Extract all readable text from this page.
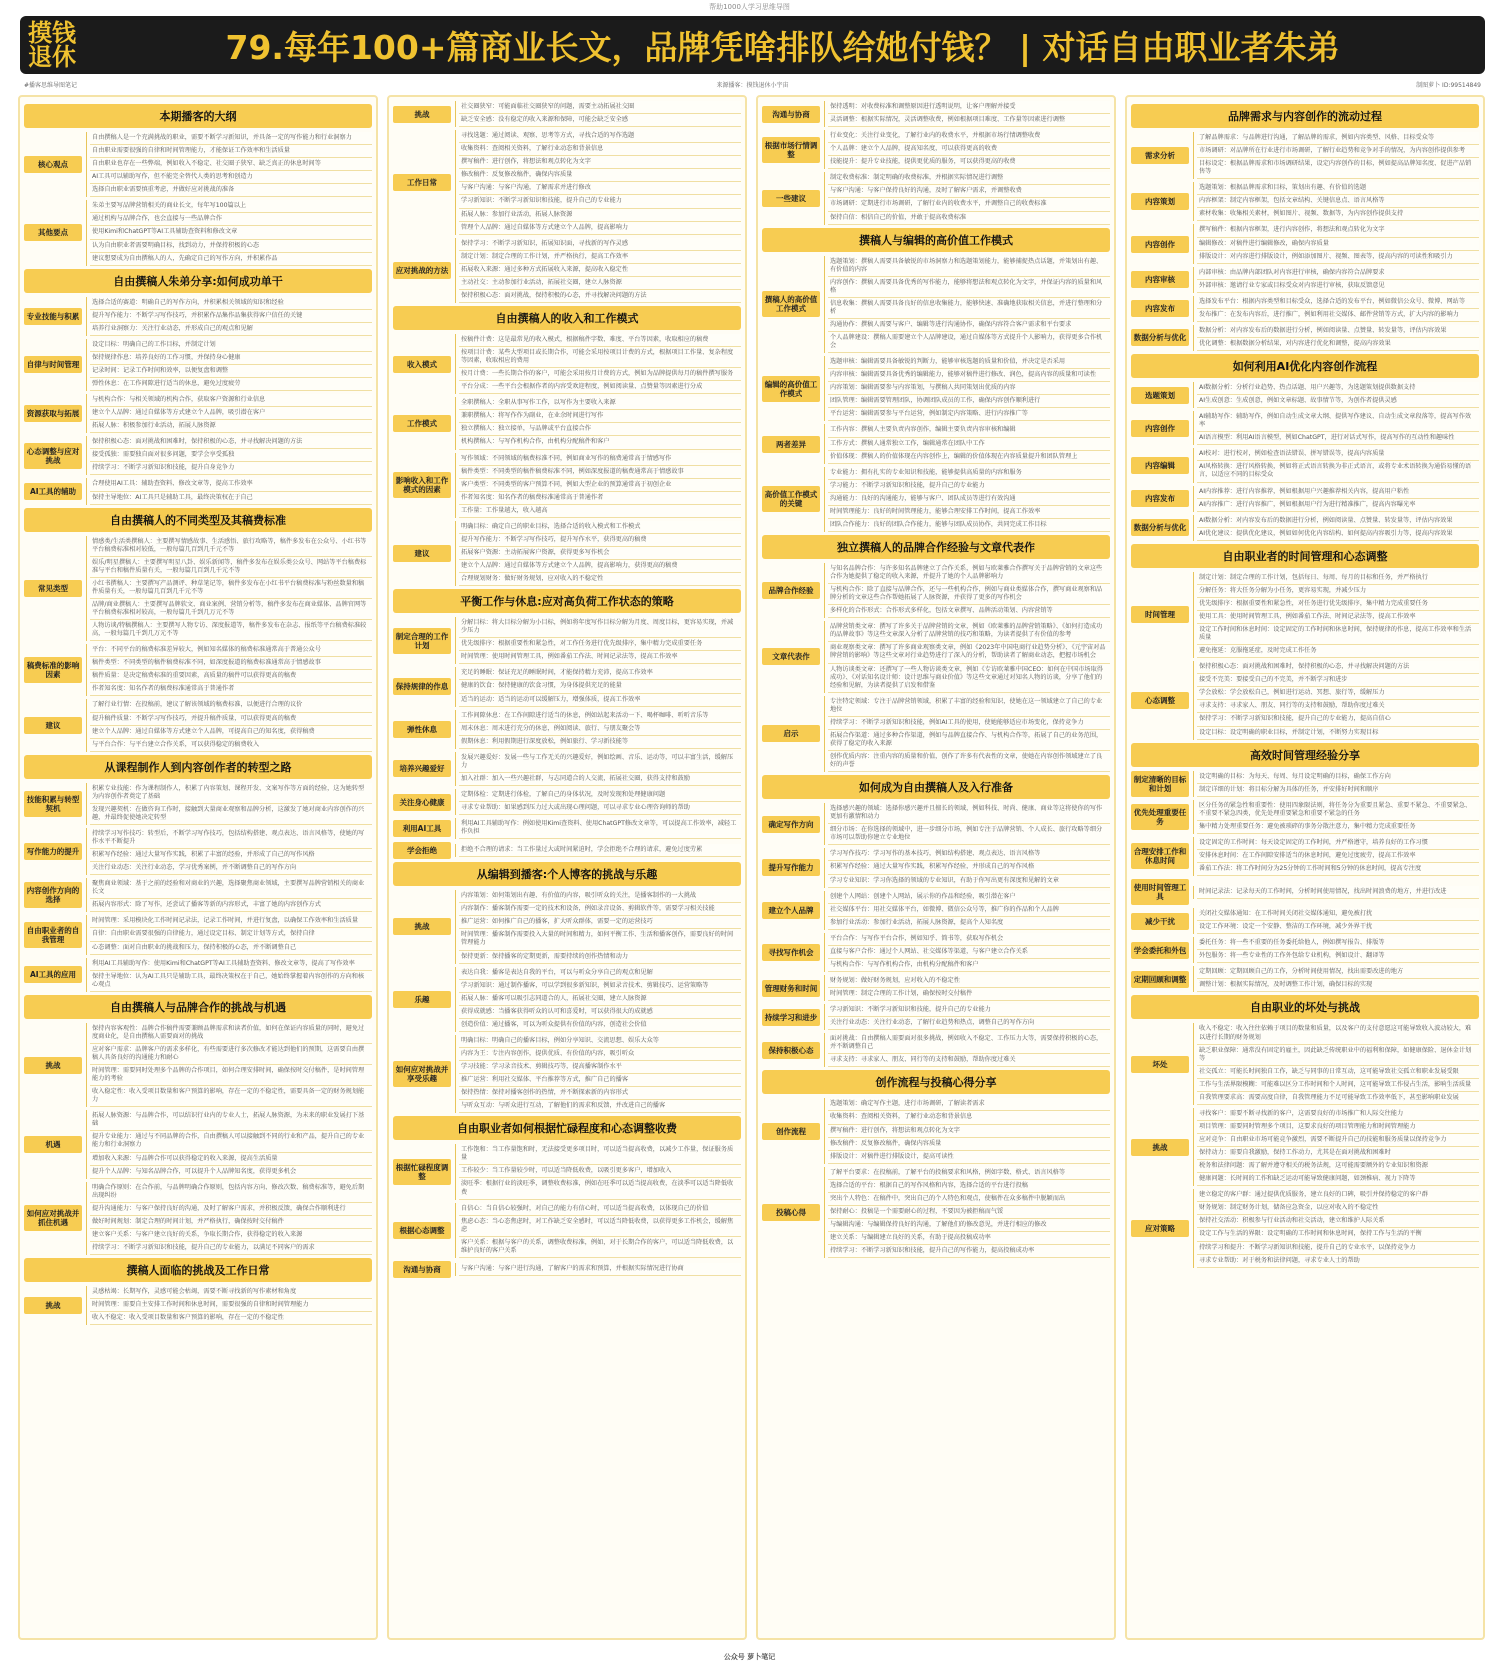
帮助1000人学习思维导图
摸 钱
退 休	79.每年100+篇商业长文，品牌凭啥排队给她付钱？ | 对话自由职业者朱弟
#播客思维导图笔记	来源播客：摸钱退休小宇宙	制图萝卜 ID:99514849
本期播客的大纲
核心观点
自由撰稿人是一个充满挑战的职业，需要不断学习新知识，并具备一定的写作能力和行业洞察力
自由职业需要很强的自律和时间管理能力，才能保证工作效率和生活质量
自由职业也存在一些弊端，例如收入不稳定、社交圈子狭窄、缺乏真正的休息时间等
AI工具可以辅助写作，但不能完全替代人类的思考和创造力
选择自由职业需要慎重考虑，并做好应对挑战的准备
其他要点
朱弟主要写品牌营销相关的商业长文，每年写100篇以上
通过机构与品牌合作，也会直接与一些品牌合作
使用Kimi和ChatGPT等AI工具辅助查资料和修改文章
认为自由职业者需要明确目标，找到动力，并保持积极的心态
建议想要成为自由撰稿人的人，先确定自己的写作方向，并积累作品
自由撰稿人朱弟分享:如何成功单干
专业技能与积累
选择合适的赛道：明确自己的写作方向，并积累相关领域的知识和经验
提升写作能力：不断学习写作技巧，并积累作品集作品集获得客户信任的关键
培养行业洞察力：关注行业动态，并形成自己的观点和见解
自律与时间管理
设定目标：明确自己的工作目标，并制定计划
保持规律作息：培养良好的工作习惯，并保持身心健康
记录时间：记录工作时间和效率，以便复盘和调整
弹性休息：在工作间隙进行适当的休息，避免过度疲劳
资源获取与拓展
与机构合作：与相关领域的机构合作，获取客户资源和行业信息
建立个人品牌：通过自媒体等方式建立个人品牌，吸引潜在客户
拓展人脉：积极参加行业活动，拓展人脉资源
心态调整与应对挑战
保持积极心态：面对挑战和困难时，保持积极的心态，并寻找解决问题的方法
接受孤独：需要独自面对很多问题，要学会享受孤独
持续学习：不断学习新知识和技能，提升自身竞争力
AI工具的辅助
合理使用AI工具：辅助查资料、修改文章等，提高工作效率
保持主导地位：AI工具只是辅助工具，最终决策权在于自己
自由撰稿人的不同类型及其稿费标准
常见类型
情感类/生活类撰稿人：主要撰写情感故事、生活感悟、旅行攻略等，稿件多发布在公众号、小红书等平台稿费标准相对较低，一般每篇几百到几千元不等
娱乐/明星撰稿人：主要撰写明星八卦、娱乐新闻等，稿件多发布在娱乐类公众号、网站等平台稿费标准与平台和稿件质量有关，一般每篇几百到几千元不等
小红书撰稿人：主要撰写产品测评、种草笔记等，稿件多发布在小红书平台稿费标准与粉丝数量和稿件质量有关，一般每篇几百到几千元不等
品牌/商业撰稿人：主要撰写品牌软文、商业案例、营销分析等，稿件多发布在商业媒体、品牌官网等平台稿费标准相对较高，一般每篇几千到几万元不等
人物访谈/特稿撰稿人：主要撰写人物专访、深度报道等，稿件多发布在杂志、报纸等平台稿费标准较高，一般每篇几千到几万元不等
稿费标准的影响因素
平台：不同平台的稿费标准差异较大，例如知名媒体的稿费标准通常高于普通公众号
稿件类型：不同类型的稿件稿费标准不同，如深度报道的稿费标准通常高于情感故事
稿件质量：是决定稿费标准的重要因素，高质量的稿件可以获得更高的稿费
作者知名度：知名作者的稿费标准通常高于普通作者
建议
了解行业行情：在投稿前，建议了解该领域的稿费标准，以便进行合理的议价
提升稿件质量：不断学习写作技巧，并提升稿件质量，可以获得更高的稿费
建立个人品牌：通过自媒体等方式建立个人品牌，可提高自己的知名度，获得稿费
与平台合作：与平台建立合作关系，可以获得稳定的稿费收入
从课程制作人到内容创作者的转型之路
技能积累与转型契机
积累专业技能：作为课程制作人，积累了内容策划、课程开发、文案写作等方面的经验，这为她转型为内容创作者奠定了基础
发现兴趣契机：在做咨询工作时，接触到大量商业观察和品牌分析，这激发了她对商业内容创作的兴趣，并最终促使她决定转型
写作能力的提升
持续学习写作技巧：转型后，不断学习写作技巧，包括结构搭建、观点表达、语言风格等，使她的写作水平不断提升
积累写作经验：通过大量写作实践，积累了丰富的经验，并形成了自己的写作风格
关注行业动态：关注行业动态，学习优秀案例，并不断调整自己的写作方向
内容创作方向的选择
聚焦商业领域：基于之前的经验和对商业的兴趣，选择聚焦商业领域，主要撰写品牌营销相关的商业长文
拓展内容形式：除了写作，还尝试了播客等新的内容形式，丰富了她的内容创作方式
自由职业者的自我管理
时间管理：采用模块化工作时间记录法，记录工作时间，并进行复盘，以确保工作效率和生活质量
自律：自由职业需要很强的自律能力，通过设定目标、制定计划等方式，保持自律
心态调整：面对自由职业的挑战和压力，保持积极的心态，并不断调整自己
AI工具的应用
利用AI工具辅助写作：使用Kimi和ChatGPT等AI工具辅助查资料、修改文章等，提高了写作效率
保持主导地位：认为AI工具只是辅助工具，最终决策权在于自己，她始终掌握着内容创作的方向和核心观点
自由撰稿人与品牌合作的挑战与机遇
挑战
保持内容客观性：品牌合作稿件需要兼顾品牌需求和读者价值，如何在保证内容质量的同时，避免过度商业化，是自由撰稿人需要面对的挑战
应对客户需求：品牌客户的需求多样化，有些需要进行多次修改才能达到他们的预期，这需要自由撰稿人具备良好的沟通能力和耐心
时间管理：需要同时处理多个品牌的合作项目，如何合理安排时间，确保按时交付稿件，是时间管理能力的考验
收入稳定性：收入受项目数量和客户预算的影响，存在一定的不稳定性，需要具备一定的财务规划能力
机遇
拓展人脉资源：与品牌合作，可以结识行业内的专业人士，拓展人脉资源，为未来的职业发展打下基础
提升专业能力：通过与不同品牌的合作，自由撰稿人可以接触到不同的行业和产品，提升自己的专业能力和行业洞察力
增加收入来源：与品牌合作可以获得稳定的收入来源，提高生活质量
提升个人品牌：与知名品牌合作，可以提升个人品牌知名度，获得更多机会
如何应对挑战并抓住机遇
明确合作原则：在合作前，与品牌明确合作原则，包括内容方向、修改次数、稿费标准等，避免后期出现纠纷
提升沟通能力：与客户保持良好的沟通，及时了解客户需求，并积极反馈，确保合作顺利进行
做好时间规划：制定合理的时间计划，并严格执行，确保按时交付稿件
建立客户关系：与客户建立良好的关系，争取长期合作，获得稳定的收入来源
持续学习：不断学习新知识和技能，提升自己的专业能力，以满足不同客户的需求
撰稿人面临的挑战及工作日常
挑战
灵感枯竭：长期写作，灵感可能会枯竭，需要不断寻找新的写作素材和角度
时间管理：需要自主安排工作时间和休息时间，需要很强的自律和时间管理能力
收入不稳定：收入受项目数量和客户预算的影响，存在一定的不稳定性
挑战
社交圈狭窄：可能面临社交圈狭窄的问题，需要主动拓展社交圈
缺乏安全感：没有稳定的收入来源和保障，可能会缺乏安全感
工作日常
寻找选题：通过阅读、观察、思考等方式，寻找合适的写作选题
收集资料：查阅相关资料，了解行业动态和背景信息
撰写稿件：进行创作，将想法和观点转化为文字
修改稿件：反复修改稿件，确保内容质量
与客户沟通：与客户沟通，了解需求并进行修改
学习新知识：不断学习新知识和技能，提升自己的专业能力
拓展人脉：参加行业活动，拓展人脉资源
管理个人品牌：通过自媒体等方式建立个人品牌，提高影响力
应对挑战的方法
保持学习：不断学习新知识，拓展知识面，寻找新的写作灵感
制定计划：制定合理的工作计划，并严格执行，提高工作效率
拓展收入来源：通过多种方式拓展收入来源，提高收入稳定性
主动社交：主动参加行业活动，拓展社交圈，建立人脉资源
保持积极心态：面对挑战，保持积极的心态，并寻找解决问题的方法
自由撰稿人的收入和工作模式
收入模式
按稿件计费：这是最常见的收入模式，根据稿件字数、难度、平台等因素，收取相应的稿费
按项目计费：某些大型项目或长期合作，可能会采用按项目计费的方式，根据项目工作量、复杂程度等因素，收取相应的费用
按月计费：一些长期合作的客户，可能会采用按月计费的方式，例如为品牌提供每月的稿件撰写服务
平台分成：一些平台会根据作者的内容受欢迎程度，例如阅读量、点赞量等因素进行分成
工作模式
全职撰稿人：全职从事写作工作，以写作为主要收入来源
兼职撰稿人：将写作作为副业，在业余时间进行写作
独立撰稿人：独立接单，与品牌或平台直接合作
机构撰稿人：与写作机构合作，由机构分配稿件和客户
影响收入和工作模式的因素
写作领域：不同领域的稿费标准不同，例如商业写作的稿费通常高于情感写作
稿件类型：不同类型的稿件稿费标准不同，例如深度报道的稿费通常高于情感故事
客户类型：不同类型的客户预算不同，例如大型企业的预算通常高于初创企业
作者知名度：知名作者的稿费标准通常高于普通作者
工作量：工作量越大，收入越高
建议
明确目标：确定自己的职业目标，选择合适的收入模式和工作模式
提升写作能力：不断学习写作技巧，提升写作水平，获得更高的稿费
拓展客户资源：主动拓展客户资源，获得更多写作机会
建立个人品牌：通过自媒体等方式建立个人品牌，提高影响力，获得更高的稿费
合理规划财务：做好财务规划，应对收入的不稳定性
平衡工作与休息:应对高负荷工作状态的策略
制定合理的工作计划
分解目标：将大目标分解为小目标，例如将年度写作目标分解为月度、周度目标，更容易实现，并减少压力
优先级排序：根据重要性和紧急性，对工作任务进行优先级排序，集中精力完成重要任务
时间管理：使用时间管理工具，例如番茄工作法、时间记录法等，提高工作效率
保持规律的作息
充足的睡眠：保证充足的睡眠时间，才能保持精力充沛，提高工作效率
健康的饮食：保持健康的饮食习惯，为身体提供充足的能量
适当的运动：适当的运动可以缓解压力，增强体质，提高工作效率
弹性休息
工作间隙休息：在工作间隙进行适当的休息，例如站起来活动一下、喝杯咖啡、听听音乐等
周末休息：周末进行充分的休息，例如阅读、旅行、与朋友聚会等
假期休息：利用假期进行深度放松，例如旅行、学习新技能等
培养兴趣爱好
发展兴趣爱好：发展一些与工作无关的兴趣爱好，例如绘画、音乐、运动等，可以丰富生活，缓解压力
加入社群：加入一些兴趣社群，与志同道合的人交流，拓展社交圈，获得支持和鼓励
关注身心健康
定期体检：定期进行体检，了解自己的身体状况，及时发现和处理健康问题
寻求专业帮助：如果感到压力过大或出现心理问题，可以寻求专业心理咨询师的帮助
利用AI工具
利用AI工具辅助写作：例如使用Kimi查资料、使用ChatGPT修改文章等，可以提高工作效率，减轻工作负担
学会拒绝	拒绝不合理的请求：当工作量过大或时间紧迫时，学会拒绝不合理的请求，避免过度劳累
从编辑到播客:个人博客的挑战与乐趣
挑战
内容策划：如何策划出有趣、有价值的内容，吸引听众的关注，是播客制作的一大挑战
内容制作：播客制作需要一定的技术和设备，例如录音设备、剪辑软件等，需要学习相关技能
推广运营：如何推广自己的播客，扩大听众群体，需要一定的运营技巧
时间管理：播客制作需要投入大量的时间和精力，如何平衡工作、生活和播客创作，需要良好的时间管理能力
保持更新：保持播客的定期更新，需要持续的创作热情和动力
乐趣
表达自我：播客是表达自我的平台，可以与听众分享自己的观点和见解
学习新知识：通过制作播客，可以学到很多新知识，例如录音技术、剪辑技巧、运营策略等
拓展人脉：播客可以吸引志同道合的人，拓展社交圈，建立人脉资源
获得成就感：当播客获得听众的认可和喜爱时，可以获得很大的成就感
创造价值：通过播客，可以为听众提供有价值的内容，创造社会价值
如何应对挑战并享受乐趣
明确目标：明确自己的播客目标，例如分享知识、交流思想、娱乐大众等
内容为王：专注内容创作，提供优质、有价值的内容，吸引听众
学习技能：学习录音技术、剪辑技巧等，提高播客制作水平
推广运营：利用社交媒体、平台推荐等方式，推广自己的播客
保持热情：保持对播客创作的热情，并不断探索新的内容形式
与听众互动：与听众进行互动，了解他们的需求和反馈，并改进自己的播客
自由职业者如何根据忙碌程度和心态调整收费
根据忙碌程度调整
工作饱和：当工作量饱和时，无法接受更多项目时，可以适当提高收费，以减少工作量，保证服务质量
工作较少：当工作量较少时，可以适当降低收费，以吸引更多客户，增加收入
淡旺季：根据行业的淡旺季，调整收费标准，例如在旺季可以适当提高收费，在淡季可以适当降低收费
根据心态调整
自信心：当自信心较强时，对自己的能力有信心时，可以适当提高收费，以体现自己的价值
焦虑心态：当心态焦虑时，对工作缺乏安全感时，可以适当降低收费，以获得更多工作机会，缓解焦虑
客户关系：根据与客户的关系，调整收费标准，例如，对于长期合作的客户，可以适当降低收费，以维护良好的客户关系
沟通与协商	与客户沟通：与客户进行沟通，了解客户的需求和预算，并根据实际情况进行协商
沟通与协商
保持透明：对收费标准和调整原因进行透明说明，让客户理解并接受
灵活调整：根据实际情况，灵活调整收费，例如根据项目难度、工作量等因素进行调整
根据市场行情调整
行业变化：关注行业变化，了解行业内的收费水平，并根据市场行情调整收费
个人品牌：建立个人品牌，提高知名度，可以获得更高的收费
技能提升：提升专业技能，提供更优质的服务，可以获得更高的收费
一些建议
制定收费标准：制定明确的收费标准，并根据实际情况进行调整
与客户沟通：与客户保持良好的沟通，及时了解客户需求，并调整收费
市场调研：定期进行市场调研，了解行业内的收费水平，并调整自己的收费标准
保持自信：相信自己的价值，并敢于提高收费标准
撰稿人与编辑的高价值工作模式
撰稿人的高价值工作模式
选题策划：撰稿人需要具备敏锐的市场洞察力和选题策划能力，能够捕捉热点话题，并策划出有趣、有价值的内容
内容创作：撰稿人需要具备优秀的写作能力，能够将想法和观点转化为文字，并保证内容的质量和风格
信息收集：撰稿人需要具备良好的信息收集能力，能够快速、准确地获取相关信息，并进行整理和分析
沟通协作：撰稿人需要与客户、编辑等进行沟通协作，确保内容符合客户需求和平台要求
个人品牌建设：撰稿人需要建立个人品牌建设，通过自媒体等方式提升个人影响力，获得更多合作机会
编辑的高价值工作模式
选题审核：编辑需要具备敏锐的判断力，能够审核选题的质量和价值，并决定是否采用
内容审核：编辑需要具备优秀的编辑能力，能够对稿件进行修改、润色，提高内容的质量和可读性
内容策划：编辑需要参与内容策划，与撰稿人共同策划出优质的内容
团队管理：编辑需要管理团队，协调团队成员的工作，确保内容创作顺利进行
平台运营：编辑需要参与平台运营，例如制定内容策略、进行内容推广等
两者差异
工作内容：撰稿人主要负责内容创作，编辑主要负责内容审核和编辑
工作方式：撰稿人通常独立工作，编辑通常在团队中工作
价值体现：撰稿人的价值体现在内容创作上，编辑的价值体现在内容质量提升和团队管理上
高价值工作模式的关键
专业能力：拥有扎实的专业知识和技能，能够提供高质量的内容和服务
学习能力：不断学习新知识和技能，提升自己的专业能力
沟通能力：良好的沟通能力，能够与客户、团队成员等进行有效沟通
时间管理能力：良好的时间管理能力，能够合理安排工作时间，提高工作效率
团队合作能力：良好的团队合作能力，能够与团队成员协作，共同完成工作目标
独立撰稿人的品牌合作经验与文章代表作
品牌合作经验
与知名品牌合作：与许多知名品牌建立了合作关系，例如与欧莱雅合作撰写关于品牌营销的文章这些合作为她提供了稳定的收入来源，并提升了她的个人品牌影响力
与机构合作：除了直接与品牌合作，还与一些机构合作，例如与商业类媒体合作，撰写商业观察和品牌分析的文章这些合作帮她拓展了人脉资源，并获得了更多的写作机会
多样化的合作形式：合作形式多样化，包括文章撰写、品牌活动策划、内容营销等
文章代表作
品牌营销类文章：撰写了许多关于品牌营销的文章，例如《欧莱雅的品牌营销策略》、《如何打造成功的品牌故事》等这些文章深入分析了品牌营销的技巧和策略，为读者提供了有价值的参考
商业观察类文章：撰写了许多商业观察类文章，例如《2023年中国电商行业趋势分析》、《元宇宙对品牌营销的影响》等这些文章对行业趋势进行了深入的分析，帮助读者了解商业动态，把握市场机会
人物访谈类文章：还撰写了一些人物访谈类文章，例如《专访欧莱雅中国CEO：如何在中国市场取得成功》、《对话知名设计师：设计思维与商业价值》等这些文章通过对知名人物的访谈，分享了他们的经验和见解，为读者提供了启发和借鉴
启示
专注特定领域：专注于品牌营销领域，积累了丰富的经验和知识，使她在这一领域建立了自己的专业地位
持续学习：不断学习新知识和技能，例如AI工具的使用，使她能够适应市场变化，保持竞争力
拓展合作渠道：通过多种合作渠道，例如与品牌直接合作、与机构合作等，拓展了自己的业务范围，获得了稳定的收入来源
创作优质内容：注重内容的质量和价值，创作了许多有代表性的文章，使她在内容创作领域建立了良好的声誉
如何成为自由撰稿人及入行准备
确定写作方向
选择感兴趣的领域：选择你感兴趣并且擅长的领域，例如科技、时尚、健康、商业等这将使你的写作更加有激情和动力
细分市场：在你选择的领域中，进一步细分市场，例如专注于品牌营销、个人成长、旅行攻略等细分市场可以帮助你建立专业地位
提升写作能力
学习写作技巧：学习写作的基本技巧，例如结构搭建、观点表达、语言风格等
积累写作经验：通过大量写作实践，积累写作经验，并形成自己的写作风格
学习专业知识：学习你选择的领域的专业知识，有助于你写出更有深度和见解的文章
建立个人品牌
创建个人网站：创建个人网站，展示你的作品和经验，吸引潜在客户
社交媒体平台：用社交媒体平台，如微博、微信公众号等，推广你的作品和个人品牌
参加行业活动：参加行业活动，拓展人脉资源，提高个人知名度
寻找写作机会
平台合作：与写作平台合作，例如知乎、简书等，获取写作机会
直接与客户合作：通过个人网站、社交媒体等渠道，与客户建立合作关系
与机构合作：与写作机构合作，由机构分配稿件和客户
管理财务和时间
财务规划：做好财务规划，应对收入的不稳定性
时间管理：制定合理的工作计划，确保按时交付稿件
持续学习和进步
学习新知识：不断学习新知识和技能，提升自己的专业能力
关注行业动态：关注行业动态，了解行业趋势和热点，调整自己的写作方向
保持积极心态
面对挑战：自由撰稿人需要面对很多挑战，例如收入不稳定、工作压力大等，需要保持积极的心态，并不断调整自己
寻求支持：寻求家人、朋友、同行等的支持和鼓励，帮助你度过难关
创作流程与投稿心得分享
创作流程
选题策划：确定写作主题，进行市场调研，了解读者需求
收集资料：查阅相关资料，了解行业动态和背景信息
撰写稿件：进行创作，将想法和观点转化为文字
修改稿件：反复修改稿件，确保内容质量
排版设计：对稿件进行排版设计，提高可读性
投稿心得
了解平台要求：在投稿前，了解平台的投稿要求和风格，例如字数、格式、语言风格等
选择合适的平台：根据自己的写作风格和内容，选择合适的平台进行投稿
突出个人特色：在稿件中，突出自己的个人特色和观点，使稿件在众多稿件中脱颖而出
保持耐心：投稿是一个需要耐心的过程，不要因为被拒稿而气馁
与编辑沟通：与编辑保持良好的沟通，了解他们的修改意见，并进行相应的修改
建立关系：与编辑建立良好的关系，有助于提高投稿成功率
持续学习：不断学习新知识和技能，提升自己的写作能力，提高投稿成功率
品牌需求与内容创作的流动过程
需求分析
了解品牌需求：与品牌进行沟通，了解品牌的需求，例如内容类型、风格、目标受众等
市场调研：对品牌所在行业进行市场调研，了解行业趋势和竞争对手的情况，为内容创作提供参考
目标设定：根据品牌需求和市场调研结果，设定内容创作的目标，例如提高品牌知名度、促进产品销售等
内容策划
选题策划：根据品牌需求和目标，策划出有趣、有价值的选题
内容框架：制定内容框架，包括文章结构、关键信息点、语言风格等
素材收集：收集相关素材，例如图片、视频、数据等，为内容创作提供支持
内容创作
撰写稿件：根据内容框架，进行内容创作，将想法和观点转化为文字
编辑修改：对稿件进行编辑修改，确保内容质量
排版设计：对内容进行排版设计，例如添加图片、视频、图表等，提高内容的可读性和吸引力
内容审核
内部审核：由品牌内部团队对内容进行审核，确保内容符合品牌要求
外部审核：邀请行业专家或目标受众对内容进行审核，获取反馈意见
内容发布
选择发布平台：根据内容类型和目标受众，选择合适的发布平台，例如微信公众号、微博、网站等
发布推广：在发布内容后，进行推广，例如利用社交媒体、邮件营销等方式，扩大内容的影响力
数据分析与优化
数据分析：对内容发布后的数据进行分析，例如阅读量、点赞量、转发量等，评估内容效果
优化调整：根据数据分析结果，对内容进行优化和调整，提高内容效果
如何利用AI优化内容创作流程
选题策划
AI数据分析：分析行业趋势、热点话题、用户兴趣等，为选题策划提供数据支持
AI生成创意：生成创意，例如文章标题、故事情节等，为创作者提供灵感
内容创作
AI辅助写作：辅助写作，例如自动生成文章大纲、提供写作建议、自动生成文章段落等，提高写作效率
AI语言模型：利用AI语言模型，例如ChatGPT，进行对话式写作，提高写作的互动性和趣味性
内容编辑
AI校对：进行校对，例如检查语法错误、拼写错误等，提高内容质量
AI风格转换：进行风格转换，例如将正式语言转换为非正式语言，或将专业术语转换为通俗易懂的语言，以适应不同的目标受众
内容发布
AI内容推荐：进行内容推荐，例如根据用户兴趣推荐相关内容，提高用户粘性
AI内容推广：进行内容推广，例如根据用户行为进行精准推广，提高内容曝光率
数据分析与优化
AI数据分析：对内容发布后的数据进行分析，例如阅读量、点赞量、转发量等，评估内容效果
AI优化建议：提供优化建议，例如如何优化内容结构、如何提高内容吸引力等，提高内容效果
自由职业者的时间管理和心态调整
时间管理
制定计划：制定合理的工作计划，包括每日、每周、每月的目标和任务，并严格执行
分解任务：将大任务分解为小任务，更容易实现，并减少压力
优先级排序：根据重要性和紧急性，对任务进行优先级排序，集中精力完成重要任务
使用工具：使用时间管理工具，例如番茄工作法、时间记录法等，提高工作效率
设定工作时间和休息时间：设定固定的工作时间和休息时间，保持规律的作息，提高工作效率和生活质量
避免拖延：克服拖延症，及时完成工作任务
心态调整
保持积极心态：面对挑战和困难时，保持积极的心态，并寻找解决问题的方法
接受不完美：要接受自己的不完美，并不断学习和进步
学会放松：学会放松自己，例如进行运动、冥想、旅行等，缓解压力
寻求支持：寻求家人、朋友、同行等的支持和鼓励，帮助你度过难关
保持学习：不断学习新知识和技能，提升自己的专业能力，提高自信心
设定目标：设定明确的职业目标，并制定计划，不断努力实现目标
高效时间管理经验分享
制定清晰的目标和计划
设定明确的目标：为每天、每周、每月设定明确的目标，确保工作方向
制定详细的计划：将目标分解为具体的任务，并安排好时间和顺序
优先处理重要任务
区分任务的紧急性和重要性：使用四象限法则，将任务分为重要且紧急、重要不紧急、不重要紧急、不重要不紧急四类，优先处理重要紧急和重要不紧急的任务
集中精力处理重要任务：避免被琐碎的事务分散注意力，集中精力完成重要任务
合理安排工作和休息时间
设定固定的工作时间：每天设定固定的工作时间，并严格遵守，培养良好的工作习惯
安排休息时间：在工作间隙安排适当的休息时间，避免过度疲劳，提高工作效率
番茄工作法：将工作时间分为25分钟的工作时间和5分钟的休息时间，提高专注度
使用时间管理工具
时间记录法：记录每天的工作时间，分析时间使用情况，找出时间浪费的地方，并进行改进
减少干扰
关闭社交媒体通知：在工作时间关闭社交媒体通知，避免被打扰
设定工作环境：设定一个安静、整洁的工作环境，减少外界干扰
学会委托和外包
委托任务：将一些不重要的任务委托给他人，例如撰写报告、排版等
外包服务：将一些专业性的工作外包给专业机构，例如设计、翻译等
定期回顾和调整
定期回顾：定期回顾自己的工作，分析时间使用情况，找出需要改进的地方
调整计划：根据实际情况，及时调整工作计划，确保目标的实现
自由职业的坏处与挑战
坏处
收入不稳定：收入往往依赖于项目的数量和质量，以及客户的支付意愿这可能导致收入波动较大，难以进行长期的财务规划
缺乏职业保障：通常没有固定的雇主，因此缺乏传统职业中的福利和保障，如健康保险、退休金计划等
社交孤立：可能长时间独自工作，缺乏与同事的日常互动，这可能导致社交孤立和职业发展受限
工作与生活界限模糊：可能难以区分工作时间和个人时间，这可能导致工作侵占生活，影响生活质量
自我管理要求高：需要高度自律，自我管理能力不足可能导致工作效率低下，甚至影响职业发展
挑战
寻找客户：需要不断寻找新的客户，这需要良好的市场推广和人际交往能力
项目管理：需要同时管理多个项目，这要求良好的项目管理能力和时间管理能力
应对竞争：自由职业市场可能竞争激烈，需要不断提升自己的技能和服务质量以保持竞争力
保持动力：需要自我激励，保持工作动力，尤其是在面对挑战和困难时
税务和法律问题：需了解并遵守相关的税务法规，这可能需要额外的专业知识和资源
健康问题：长时间的工作和缺乏运动可能导致健康问题，如颈椎病、视力下降等
应对策略
建立稳定的客户群：通过提供优质服务，建立良好的口碑，吸引并保持稳定的客户群
财务规划：制定财务计划，储备应急资金，以应对收入的不稳定性
保持社交活动：积极参与行业活动和社交活动，建立和维护人际关系
设定工作与生活的界限：设定明确的工作时间和休息时间，保持工作与生活的平衡
持续学习和提升：不断学习新知识和技能，提升自己的专业水平，以保持竞争力
寻求专业帮助：对于税务和法律问题，寻求专业人士的帮助
公众号 萝卜笔记
